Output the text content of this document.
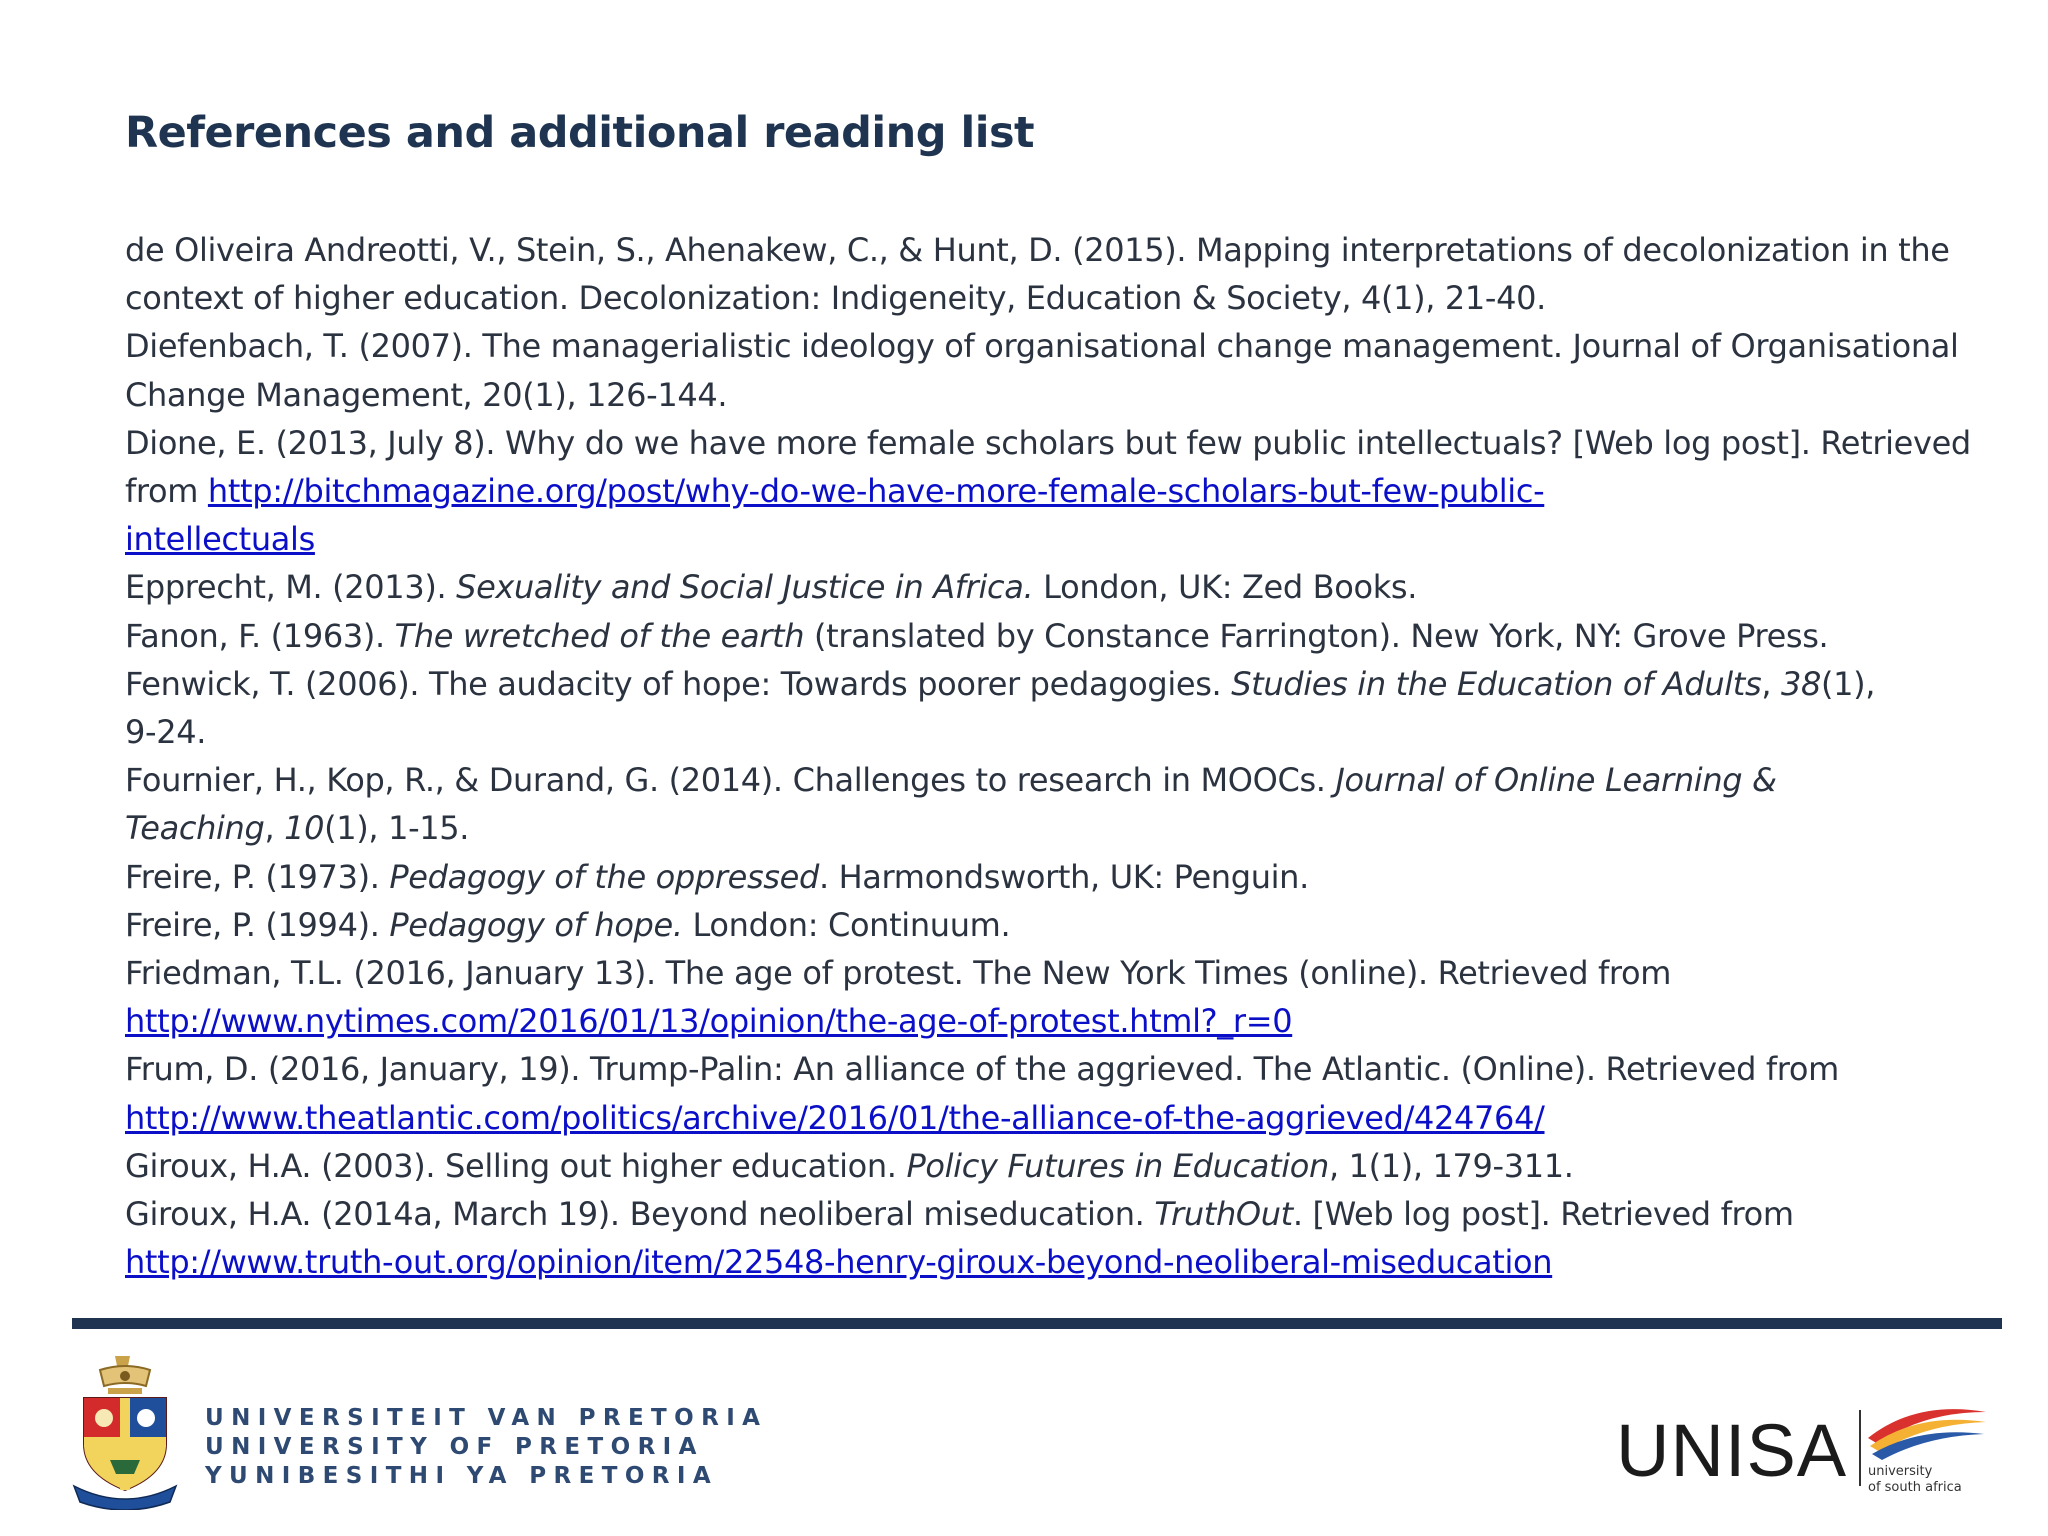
References and additional reading list

de Oliveira Andreotti, V., Stein, S., Ahenakew, C., & Hunt, D. (2015). Mapping interpretations of decolonization in the context of higher education. Decolonization: Indigeneity, Education & Society, 4(1), 21-40.

Diefenbach, T. (2007). The managerialistic ideology of organisational change management. Journal of Organisational Change Management, 20(1), 126-144.

Dione, E. (2013, July 8). Why do we have more female scholars but few public intellectuals? [Web log post]. Retrieved from http://bitchmagazine.org/post/why-do-we-have-more-female-scholars-but-few-public-
intellectuals

Epprecht, M. (2013). Sexuality and Social Justice in Africa. London, UK: Zed Books.

Fanon, F. (1963). The wretched of the earth (translated by Constance Farrington). New York, NY: Grove Press.

Fenwick, T. (2006). The audacity of hope: Towards poorer pedagogies. Studies in the Education of Adults, 38(1),
9-24.

Fournier, H., Kop, R., & Durand, G. (2014). Challenges to research in MOOCs. Journal of Online Learning &
Teaching, 10(1), 1-15.

Freire, P. (1973). Pedagogy of the oppressed. Harmondsworth, UK: Penguin.

Freire, P. (1994). Pedagogy of hope. London: Continuum.

Friedman, T.L. (2016, January 13). The age of protest. The New York Times (online). Retrieved from
http://www.nytimes.com/2016/01/13/opinion/the-age-of-protest.html?_r=0

Frum, D. (2016, January, 19). Trump-Palin: An alliance of the aggrieved. The Atlantic. (Online). Retrieved from
http://www.theatlantic.com/politics/archive/2016/01/the-alliance-of-the-aggrieved/424764/

Giroux, H.A. (2003). Selling out higher education. Policy Futures in Education, 1(1), 179-311.

Giroux, H.A. (2014a, March 19). Beyond neoliberal miseducation. TruthOut. [Web log post]. Retrieved from
http://www.truth-out.org/opinion/item/22548-henry-giroux-beyond-neoliberal-miseducation

UNIVERSITEIT VAN PRETORIA
UNIVERSITY OF PRETORIA
YUNIBESITHI YA PRETORIA	UNISA university
of south africa
